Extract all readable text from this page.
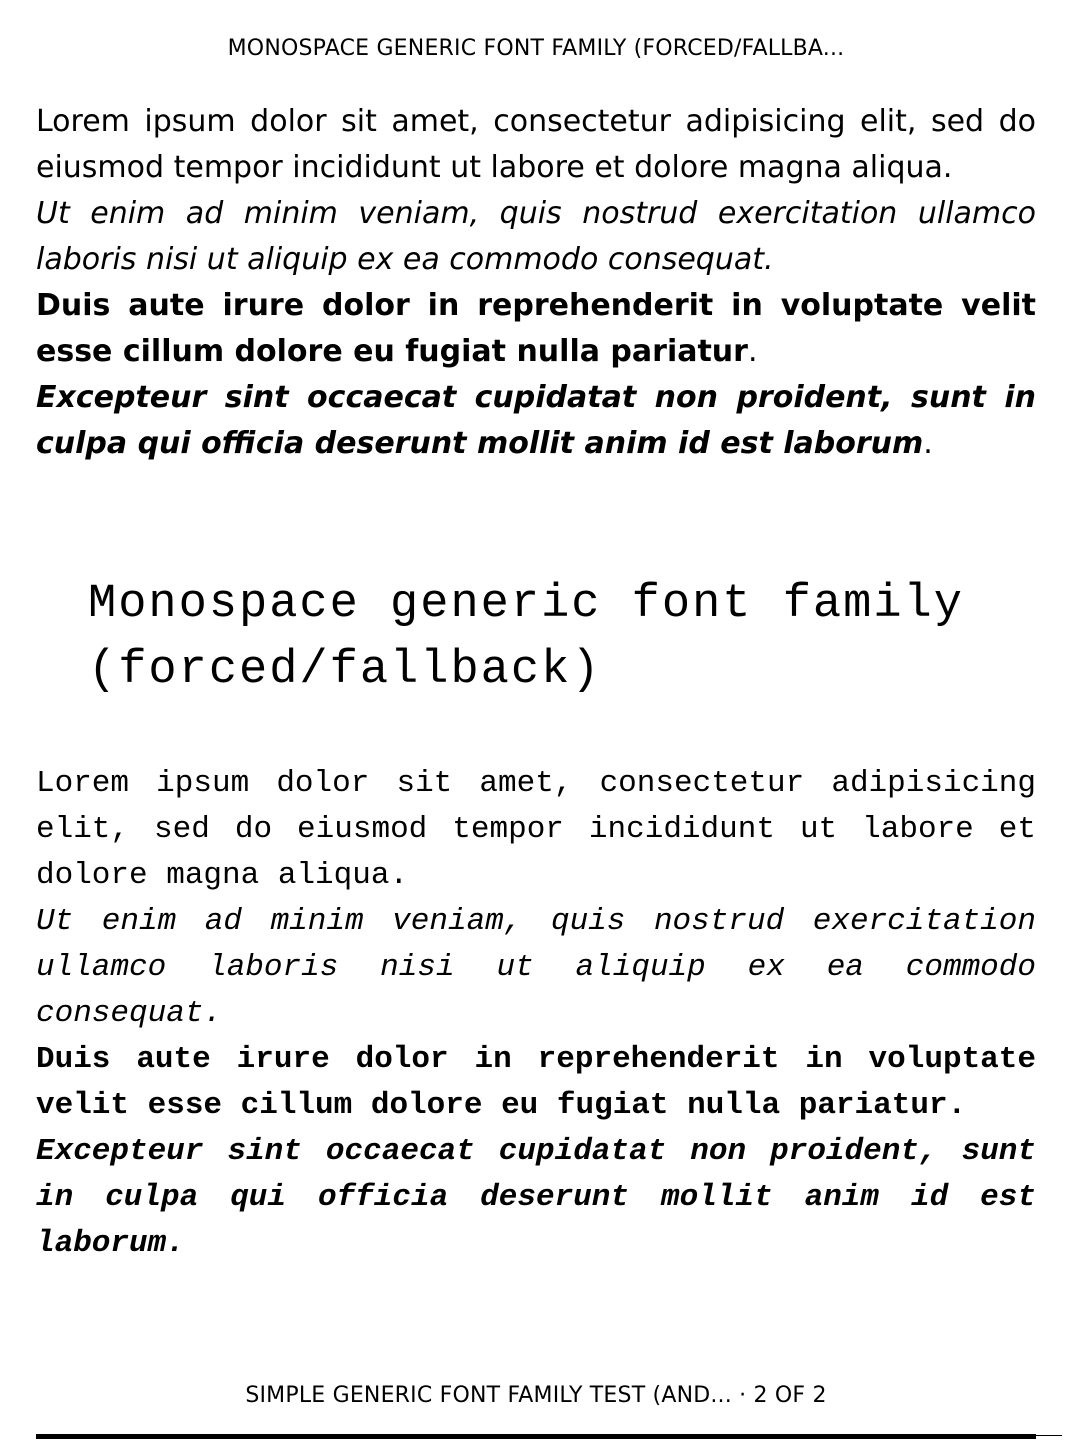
MONOSPACE GENERIC FONT FAMILY (FORCED/FALLBA...

Lorem ipsum dolor sit amet, consectetur adipisicing elit, sed do eiusmod tempor incididunt ut labore et dolore magna aliqua.

Ut enim ad minim veniam, quis nostrud exercitation ullamco laboris nisi ut aliquip ex ea commodo consequat.

Duis aute irure dolor in reprehenderit in voluptate velit esse cillum dolore eu fugiat nulla pariatur.

Excepteur sint occaecat cupidatat non proident, sunt in culpa qui officia deserunt mollit anim id est laborum.

Monospace generic font family (forced/fallback)

Lorem ipsum dolor sit amet, consectetur adipisicing elit, sed do eiusmod tempor incididunt ut labore et dolore magna aliqua.

Ut enim ad minim veniam, quis nostrud exercitation ullamco laboris nisi ut aliquip ex ea commodo consequat.

Duis aute irure dolor in reprehenderit in voluptate velit esse cillum dolore eu fugiat nulla pariatur.

Excepteur sint occaecat cupidatat non proident, sunt in culpa qui officia deserunt mollit anim id est laborum.

SIMPLE GENERIC FONT FAMILY TEST (AND... · 2 OF 2
